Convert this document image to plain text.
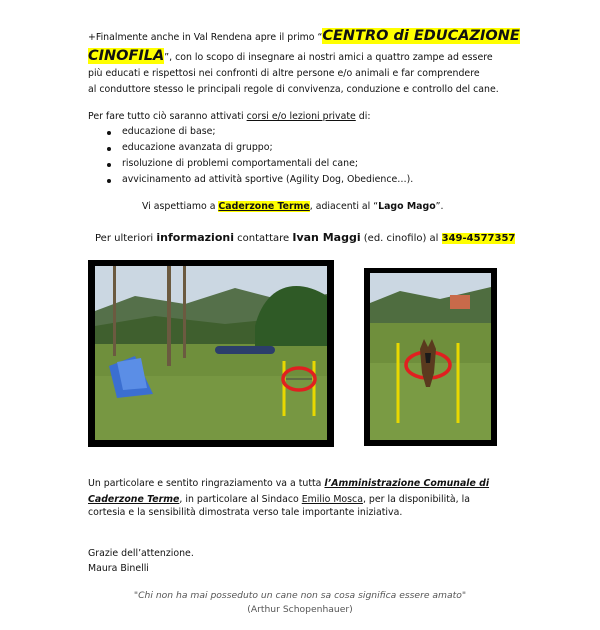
+Finalmente anche in Val Rendena apre il primo “CENTRO di EDUCAZIONE
CINOFILA”, con lo scopo di insegnare ai nostri amici a quattro zampe ad essere
più educati e rispettosi nei confronti di altre persone e/o animali e far comprendere
al conduttore stesso le principali regole di convivenza, conduzione e controllo del cane.
Per fare tutto ciò saranno attivati corsi e/o lezioni private di:
educazione di base;
educazione avanzata di gruppo;
risoluzione di problemi comportamentali del cane;
avvicinamento ad attività sportive (Agility Dog, Obedience…).
Vi aspettiamo a Caderzone Terme, adiacenti al “Lago Mago”.
Per ulteriori informazioni contattare Ivan Maggi (ed. cinofilo) al 349-4577357
Un particolare e sentito ringraziamento va a tutta l’Amministrazione Comunale di
Caderzone Terme, in particolare al Sindaco Emilio Mosca, per la disponibilità, la
cortesia e la sensibilità dimostrata verso tale importante iniziativa.
Grazie dell’attenzione.
Maura Binelli
"Chi non ha mai posseduto un cane non sa cosa significa essere amato"
(Arthur Schopenhauer)
